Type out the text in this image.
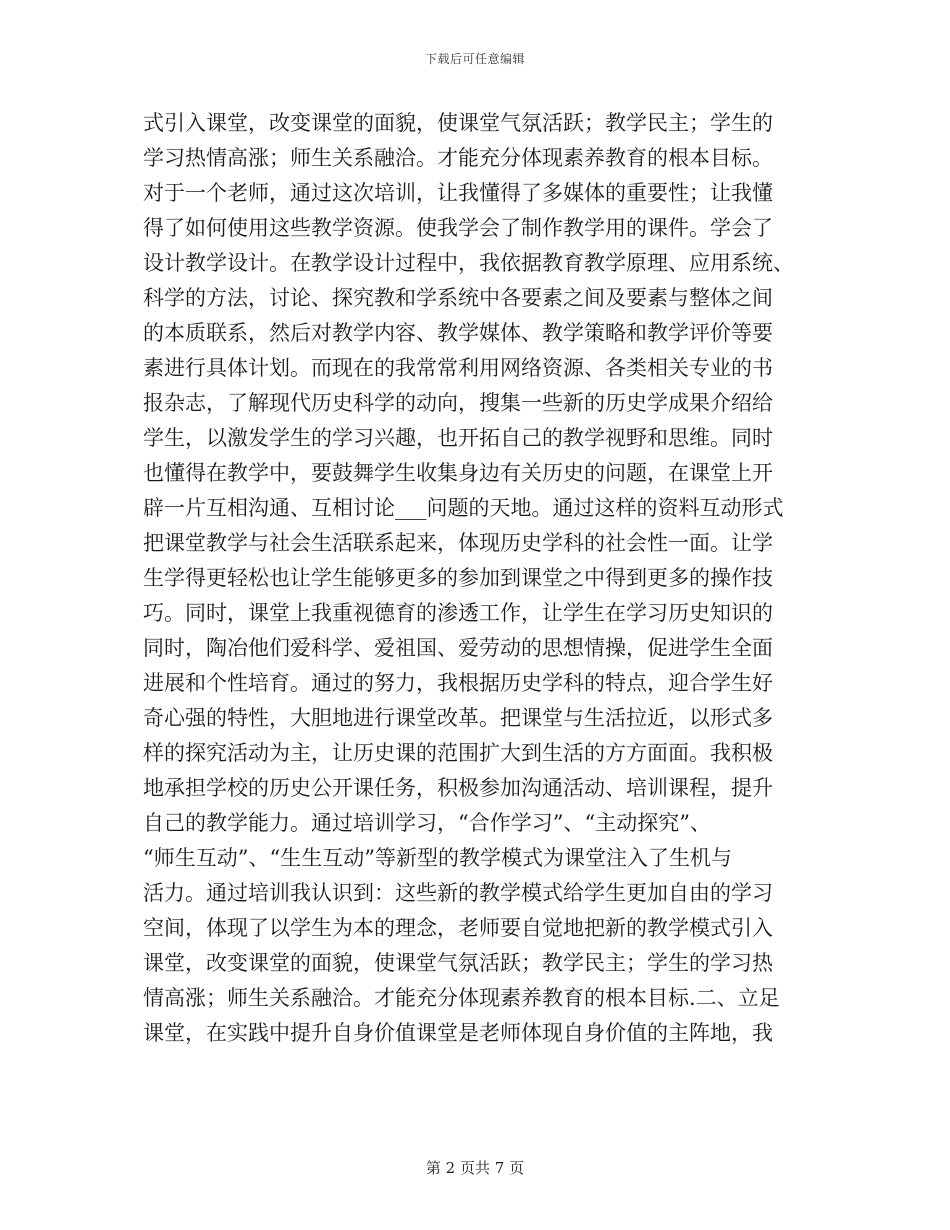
下载后可任意编辑
式引入课堂，改变课堂的面貌，使课堂气氛活跃；教学民主；学生的
学习热情高涨；师生关系融洽。才能充分体现素养教育的根本目标。
对于一个老师，通过这次培训，让我懂得了多媒体的重要性；让我懂
得了如何使用这些教学资源。使我学会了制作教学用的课件。学会了
设计教学设计。在教学设计过程中，我依据教育教学原理、应用系统、
科学的方法，讨论、探究教和学系统中各要素之间及要素与整体之间
的本质联系，然后对教学内容、教学媒体、教学策略和教学评价等要
素进行具体计划。而现在的我常常利用网络资源、各类相关专业的书
报杂志，了解现代历史科学的动向，搜集一些新的历史学成果介绍给
学生，以激发学生的学习兴趣，也开拓自己的教学视野和思维。同时
也懂得在教学中，要鼓舞学生收集身边有关历史的问题，在课堂上开
辟一片互相沟通、互相讨论___问题的天地。通过这样的资料互动形式
把课堂教学与社会生活联系起来，体现历史学科的社会性一面。让学
生学得更轻松也让学生能够更多的参加到课堂之中得到更多的操作技
巧。同时，课堂上我重视德育的渗透工作，让学生在学习历史知识的
同时，陶冶他们爱科学、爱祖国、爱劳动的思想情操，促进学生全面
进展和个性培育。通过的努力，我根据历史学科的特点，迎合学生好
奇心强的特性，大胆地进行课堂改革。把课堂与生活拉近，以形式多
样的探究活动为主，让历史课的范围扩大到生活的方方面面。我积极
地承担学校的历史公开课任务，积极参加沟通活动、培训课程，提升
自己的教学能力。通过培训学习，“合作学习”、“主动探究”、
“师生互动”、“生生互动”等新型的教学模式为课堂注入了生机与
活力。通过培训我认识到：这些新的教学模式给学生更加自由的学习
空间，体现了以学生为本的理念，老师要自觉地把新的教学模式引入
课堂，改变课堂的面貌，使课堂气氛活跃；教学民主；学生的学习热
情高涨；师生关系融洽。才能充分体现素养教育的根本目标.二、立足
课堂，在实践中提升自身价值课堂是老师体现自身价值的主阵地，我
第 2 页共 7 页
